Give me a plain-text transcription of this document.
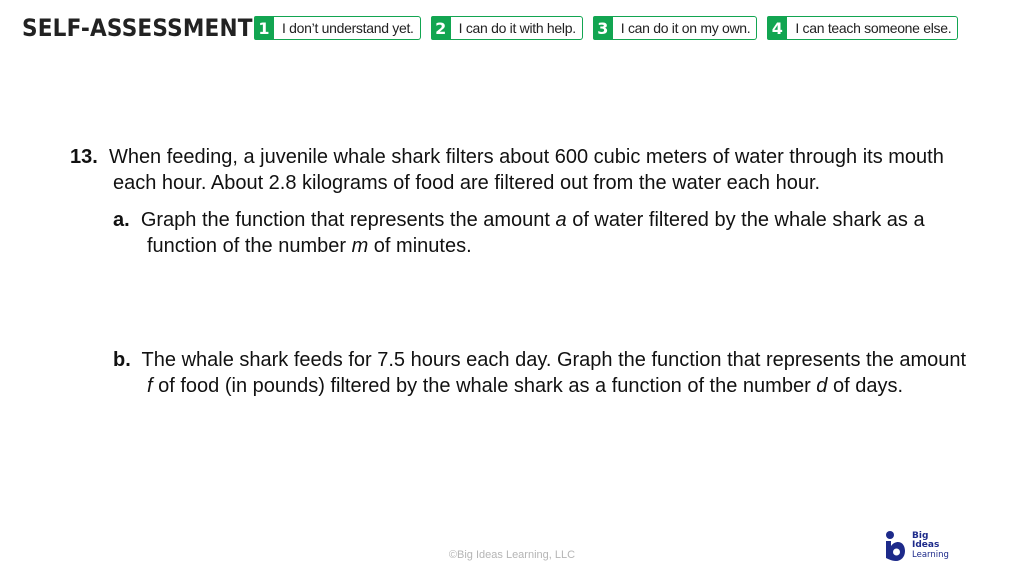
SELF-ASSESSMENT 1 I don’t understand yet.	2 I can do it with help.	3 I can do it on my own.	4 I can teach someone else.
13. When feeding, a juvenile whale shark filters about 600 cubic meters of water through its mouth each hour. About 2.8 kilograms of food are filtered out from the water each hour.
a. Graph the function that represents the amount a of water filtered by the whale shark as a function of the number m of minutes.
b. The whale shark feeds for 7.5 hours each day. Graph the function that represents the amount f of food (in pounds) filtered by the whale shark as a function of the number d of days.
©Big Ideas Learning, LLC
Big
Ideas
Learning
